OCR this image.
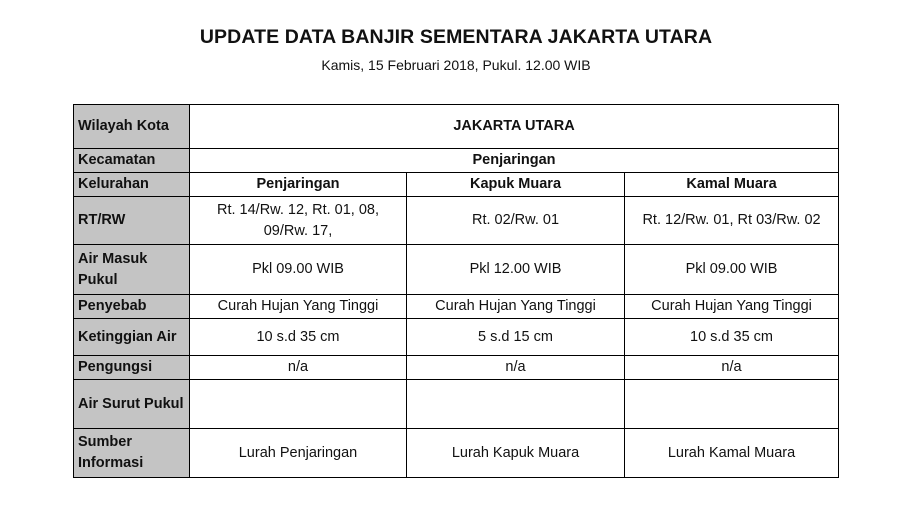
UPDATE DATA BANJIR SEMENTARA JAKARTA UTARA
Kamis, 15 Februari 2018, Pukul. 12.00 WIB
Wilayah Kota	JAKARTA UTARA		
Kecamatan	Penjaringan		
Kelurahan	Penjaringan	Kapuk Muara	Kamal Muara
RT/RW	Rt. 14/Rw. 12, Rt. 01, 08, 09/Rw. 17,	Rt. 02/Rw. 01	Rt. 12/Rw. 01, Rt 03/Rw. 02
Air Masuk Pukul	Pkl 09.00 WIB	Pkl 12.00 WIB	Pkl 09.00 WIB
Penyebab	Curah Hujan Yang Tinggi	Curah Hujan Yang Tinggi	Curah Hujan Yang Tinggi
Ketinggian Air	10 s.d 35 cm	5 s.d 15 cm	10 s.d 35 cm
Pengungsi	n/a	n/a	n/a
Air Surut Pukul			
Sumber Informasi	Lurah Penjaringan	Lurah Kapuk Muara	Lurah Kamal Muara
